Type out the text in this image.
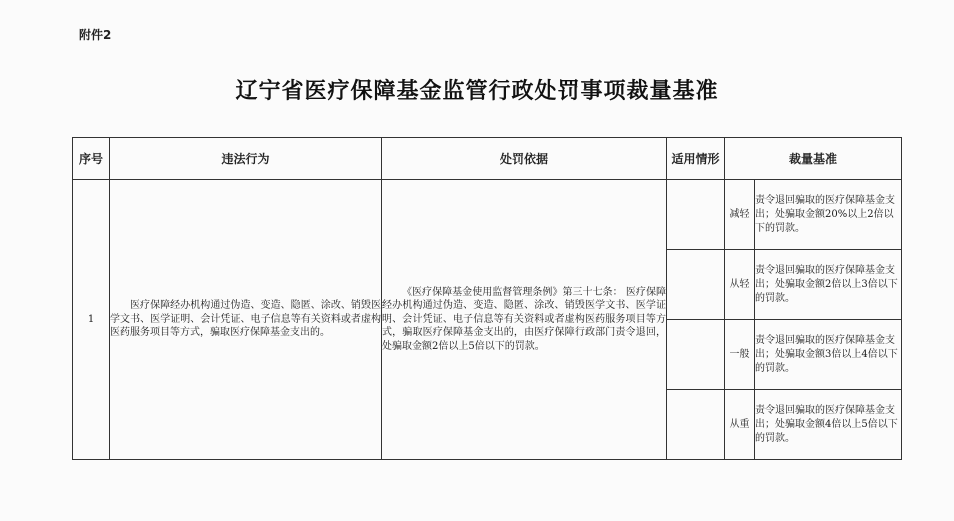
附件2
辽宁省医疗保障基金监管行政处罚事项裁量基准
序号	违法行为	处罚依据	适用情形	裁量基准	
1	医疗保障经办机构通过伪造、变造、隐匿、涂改、销毁医学文书、医学证明、会计凭证、电子信息等有关资料或者虚构医药服务项目等方式，骗取医疗保障基金支出的。	《医疗保障基金使用监督管理条例》第三十七条： 医疗保障经办机构通过伪造、变造、隐匿、涂改、销毁医学文书、医学证明、会计凭证、电子信息等有关资料或者虚构医药服务项目等方式，骗取医疗保障基金支出的，由医疗保障行政部门责令退回，处骗取金额2倍以上5倍以下的罚款。		减轻	责令退回骗取的医疗保障基金支出；处骗取金额20%以上2倍以下的罚款。
				从轻	责令退回骗取的医疗保障基金支出；处骗取金额2倍以上3倍以下的罚款。
				一般	责令退回骗取的医疗保障基金支出；处骗取金额3倍以上4倍以下的罚款。
				从重	责令退回骗取的医疗保障基金支出；处骗取金额4倍以上5倍以下的罚款。
